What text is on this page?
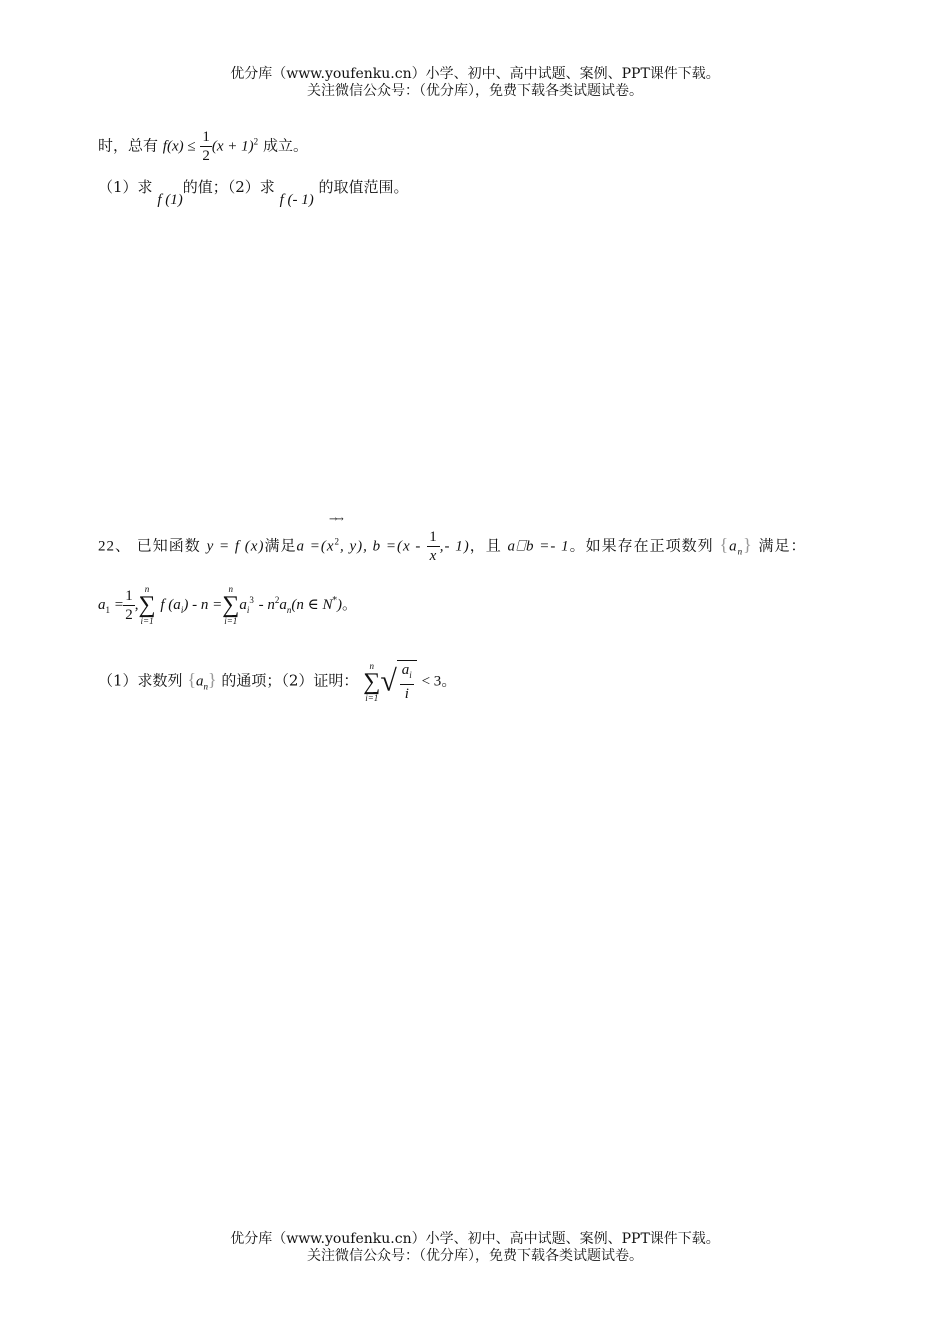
优分库（www.youfenku.cn）小学、初中、高中试题、案例、PPT课件下载。
关注微信公众号：（优分库），免费下载各类试题试卷。
时，总有 $f(x) \le \frac{1}{2} (x + 1)^2$ 成立。
（1）求 f (1)的值；（2）求 f (- 1) 的取值范围。
→→
22、 已知函数 y = f (x)满足$a =(x^2$, y), $b =(x - \frac{1}{x}$ ,- 1)，且 a⎕b =- 1。如果存在正项数列 $\{a_n\}$ 满足：
$a_1 = \frac{1}{2}$ ,
n
∑
i=1
f $(a_i)$ - n =
n
∑
i=1
$a_i^3 - n^2a_n(n$ ∈ N*)。
（1）求数列 $\{a_n\}$ 的通项；（2）证明：
n
∑
i=1 √ $\frac{a_i}{i} < 3$。
优分库（www.youfenku.cn）小学、初中、高中试题、案例、PPT课件下载。
关注微信公众号：（优分库），免费下载各类试题试卷。
